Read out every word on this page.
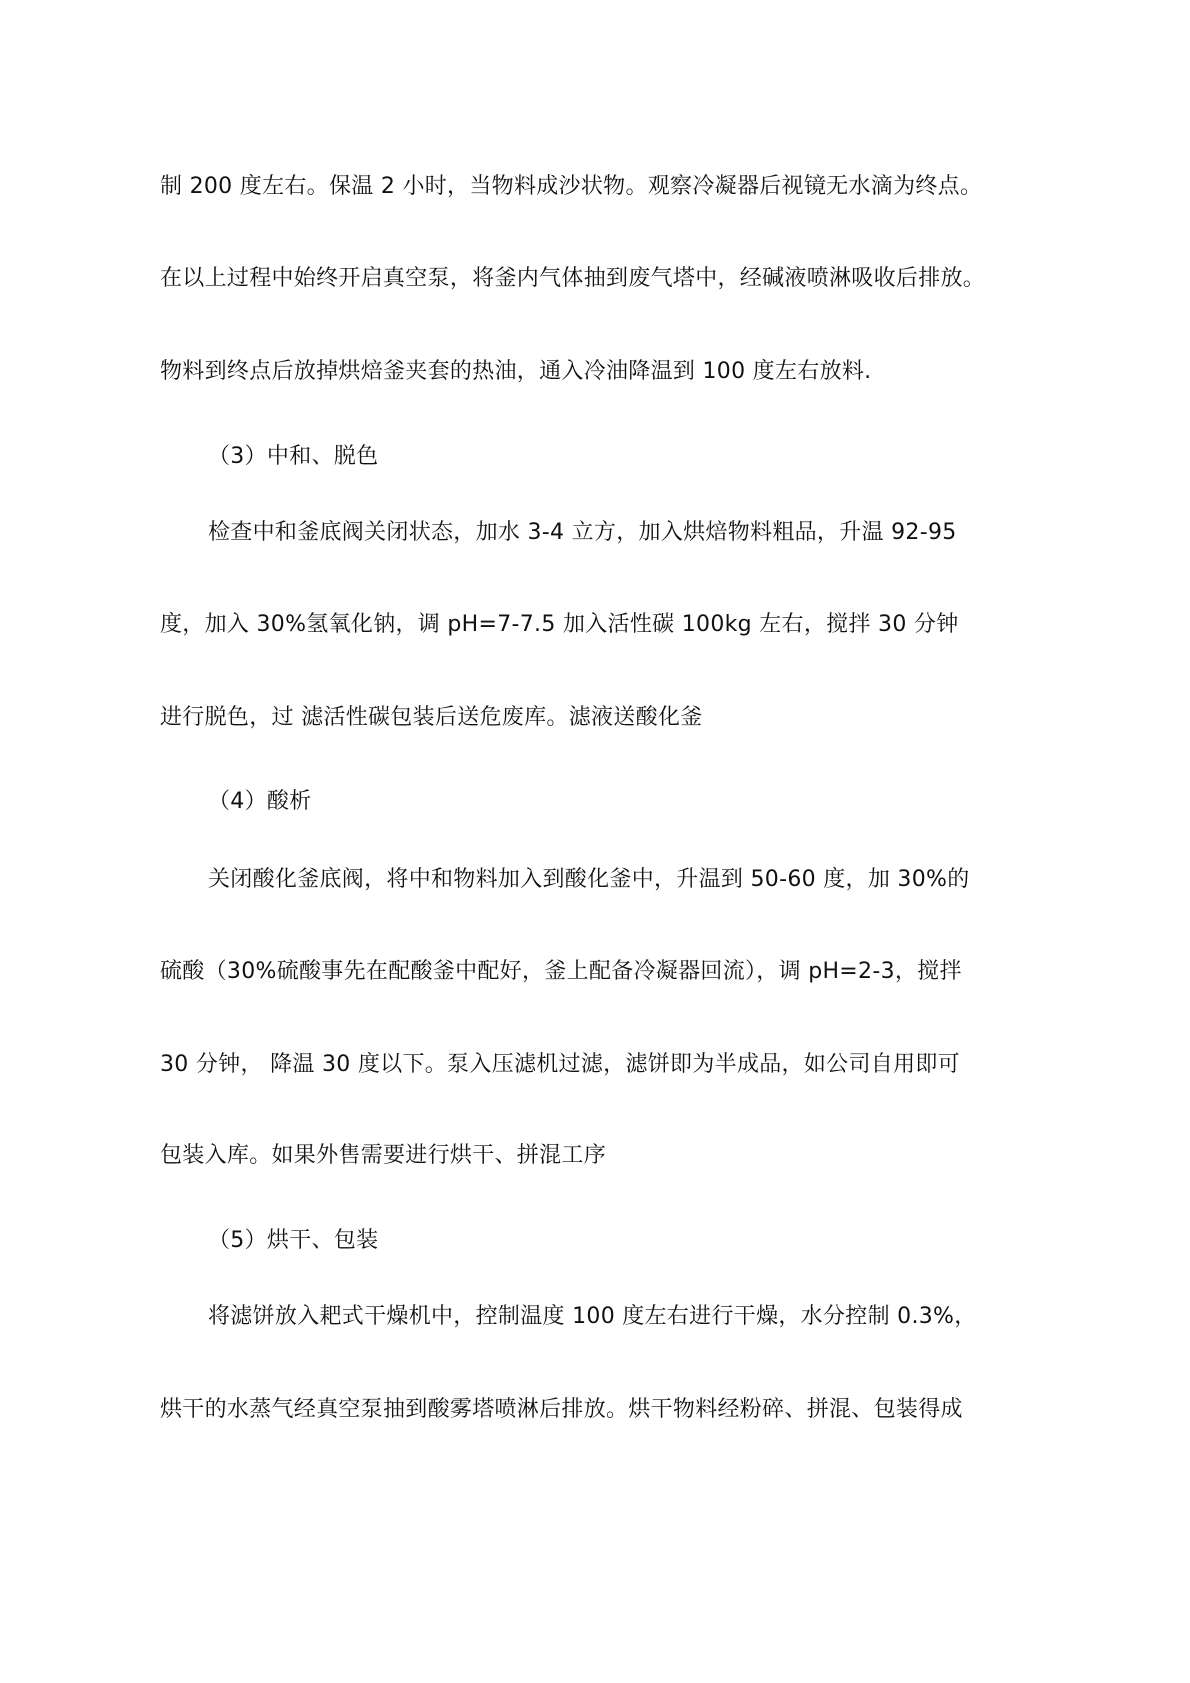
制 200 度左右。保温 2 小时，当物料成沙状物。观察冷凝器后视镜无水滴为终点。
在以上过程中始终开启真空泵，将釜内气体抽到废气塔中，经碱液喷淋吸收后排放。
物料到终点后放掉烘焙釜夹套的热油，通入冷油降温到 100 度左右放料.
（3）中和、脱色
检查中和釜底阀关闭状态，加水 3-4 立方，加入烘焙物料粗品，升温 92-95
度，加入 30%氢氧化钠，调 pH=7-7.5 加入活性碳 100kg 左右，搅拌 30 分钟
进行脱色，过 滤活性碳包装后送危废库。滤液送酸化釜
（4）酸析
关闭酸化釜底阀，将中和物料加入到酸化釜中，升温到 50-60 度，加 30%的
硫酸（30%硫酸事先在配酸釜中配好，釜上配备冷凝器回流），调 pH=2-3，搅拌
30 分钟， 降温 30 度以下。泵入压滤机过滤，滤饼即为半成品，如公司自用即可
包装入库。如果外售需要进行烘干、拼混工序
（5）烘干、包装
将滤饼放入耙式干燥机中，控制温度 100 度左右进行干燥，水分控制 0.3%，
烘干的水蒸气经真空泵抽到酸雾塔喷淋后排放。烘干物料经粉碎、拼混、包装得成
